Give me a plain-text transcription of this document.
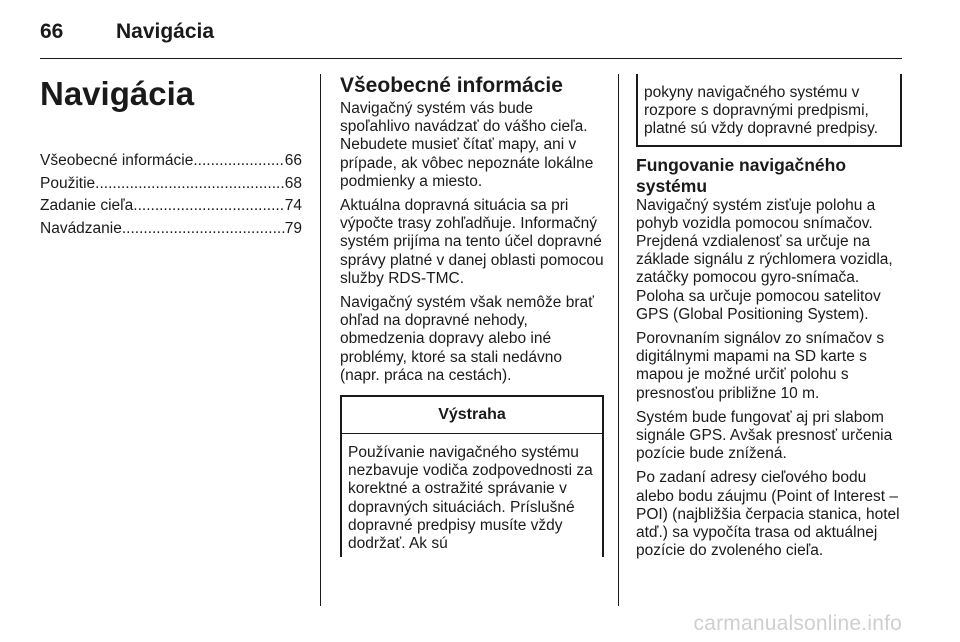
66	Navigácia
Navigácia
Všeobecné informácie .....	66
Použitie .....	68
Zadanie cieľa .....	74
Navádzanie .....	79
Všeobecné informácie

Navigačný systém vás bude spoľahlivo navádzať do vášho cieľa. Nebudete musieť čítať mapy, ani v prípade, ak vôbec nepoznáte lokálne podmienky a miesto.

Aktuálna dopravná situácia sa pri výpočte trasy zohľadňuje. Informačný systém prijíma na tento účel dopravné správy platné v danej oblasti pomocou služby RDS-TMC.

Navigačný systém však nemôže brať ohľad na dopravné nehody, obmedzenia dopravy alebo iné problémy, ktoré sa stali nedávno (napr. práca na cestách).

Výstraha

Používanie navigačného systému nezbavuje vodiča zodpovednosti za korektné a ostražité správanie v dopravných situáciách. Príslušné dopravné predpisy musíte vždy dodržať. Ak sú

pokyny navigačného systému v rozpore s dopravnými predpismi, platné sú vždy dopravné predpisy.

Fungovanie navigačného systému

Navigačný systém zisťuje polohu a pohyb vozidla pomocou snímačov. Prejdená vzdialenosť sa určuje na základe signálu z rýchlomera vozidla, zatáčky pomocou gyro-snímača. Poloha sa určuje pomocou satelitov GPS (Global Positioning System).

Porovnaním signálov zo snímačov s digitálnymi mapami na SD karte s mapou je možné určiť polohu s presnosťou približne 10 m.

Systém bude fungovať aj pri slabom signále GPS. Avšak presnosť určenia pozície bude znížená.

Po zadaní adresy cieľového bodu alebo bodu záujmu (Point of Interest – POI) (najbližšia čerpacia stanica, hotel atď.) sa vypočíta trasa od aktuálnej pozície do zvoleného cieľa.

carmanualsonline.info
